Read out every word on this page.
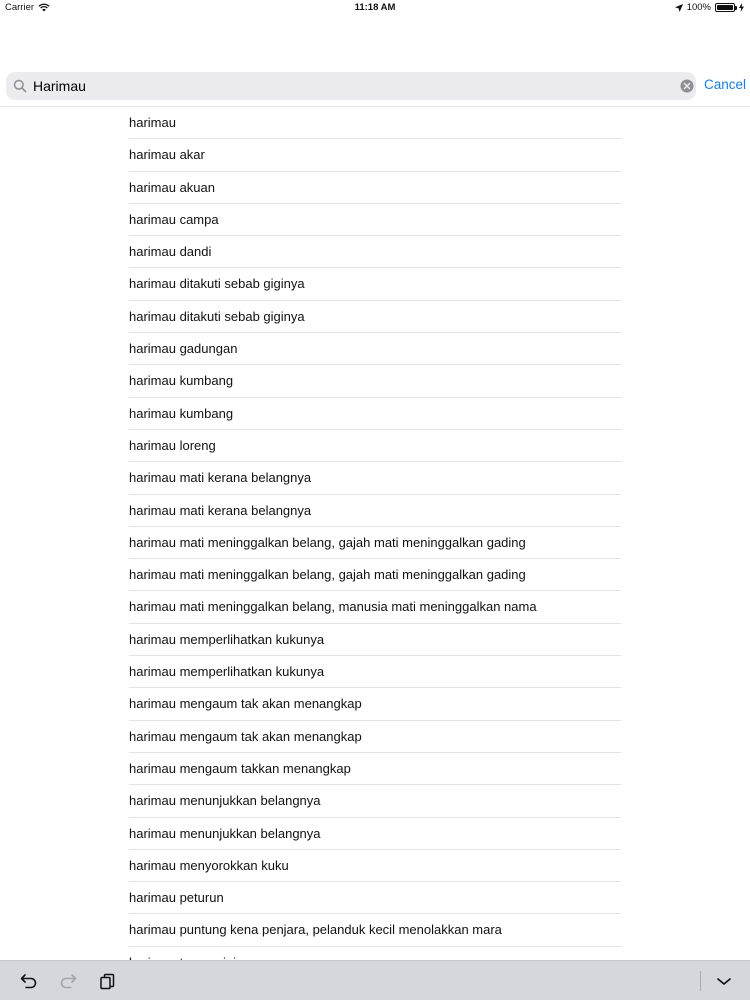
Carrier	11:18 AM	100%
Harimau
Cancel
harimau
harimau akar
harimau akuan
harimau campa
harimau dandi
harimau ditakuti sebab giginya
harimau ditakuti sebab giginya
harimau gadungan
harimau kumbang
harimau kumbang
harimau loreng
harimau mati kerana belangnya
harimau mati kerana belangnya
harimau mati meninggalkan belang, gajah mati meninggalkan gading
harimau mati meninggalkan belang, gajah mati meninggalkan gading
harimau mati meninggalkan belang, manusia mati meninggalkan nama
harimau memperlihatkan kukunya
harimau memperlihatkan kukunya
harimau mengaum tak akan menangkap
harimau mengaum tak akan menangkap
harimau mengaum takkan menangkap
harimau menunjukkan belangnya
harimau menunjukkan belangnya
harimau menyorokkan kuku
harimau peturun
harimau puntung kena penjara, pelanduk kecil menolakkan mara
